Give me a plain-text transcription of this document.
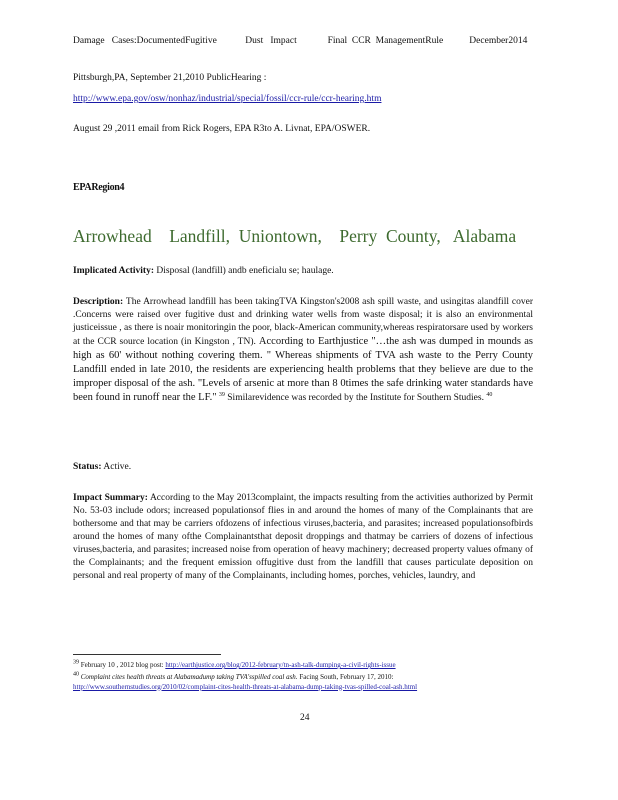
Damage   Cases:DocumentedFugitive            Dust   Impact             Final  CCR  ManagementRule           December2014
Pittsburgh,PA, September 21,2010 PublicHearing :
http://www.epa.gov/osw/nonhaz/industrial/special/fossil/ccr-rule/ccr-hearing.htm
August 29 ,2011 email from Rick Rogers, EPA R3to A. Livnat, EPA/OSWER.
EPARegion4
Arrowhead    Landfill,  Uniontown,    Perry  County,   Alabama
Implicated Activity: Disposal (landfill) andb eneficialu se; haulage.
Description: The Arrowhead landfill has been takingTVA Kingston's2008 ash spill waste, and usingitas alandfill cover .Concerns were raised over fugitive dust and drinking water wells from waste disposal; it is also an environmental justiceissue , as there is noair monitoringin the poor, black-American community,whereas respiratorsare used by workers at the CCR source location (in Kingston , TN). According to Earthjustice "…the ash was dumped in mounds as high as 60' without nothing covering them. " Whereas shipments of TVA ash waste to the Perry County Landfill ended in late 2010, the residents are experiencing health problems that they believe are due to the improper disposal of the ash. "Levels of arsenic at more than 8 0times the safe drinking water standards have been found in runoff near the LF." $^{39}$ Similarevidence was recorded by the Institute for Southern Studies. $^{40}$
Status: Active.
Impact Summary: According to the May 2013complaint, the impacts resulting from the activities authorized by Permit No. 53-03 include odors; increased populationsof flies in and around the homes of many of the Complainants that are bothersome and that may be carriers ofdozens of infectious viruses,bacteria, and parasites; increased populationsofbirds around the homes of many ofthe Complainantsthat deposit droppings and thatmay be carriers of dozens of infectious viruses,bacteria, and parasites; increased noise from operation of heavy machinery; decreased property values ofmany of the Complainants; and the frequent emission offugitive dust from the landfill that causes particulate deposition on personal and real property of many of the Complainants, including homes, porches, vehicles, laundry, and
$^{39}$ February 10 , 2012 blog post: http://earthjustice.org/blog/2012-february/tn-ash-talk-dumping-a-civil-rights-issue
$^{40}$ Complaint cites health threats at Alabamadump taking TVA'sspilled coal ash. Facing South, February 17, 2010: http://www.southernstudies.org/2010/02/complaint-cites-health-threats-at-alabama-dump-taking-tvas-spilled-coal-ash.html
24
